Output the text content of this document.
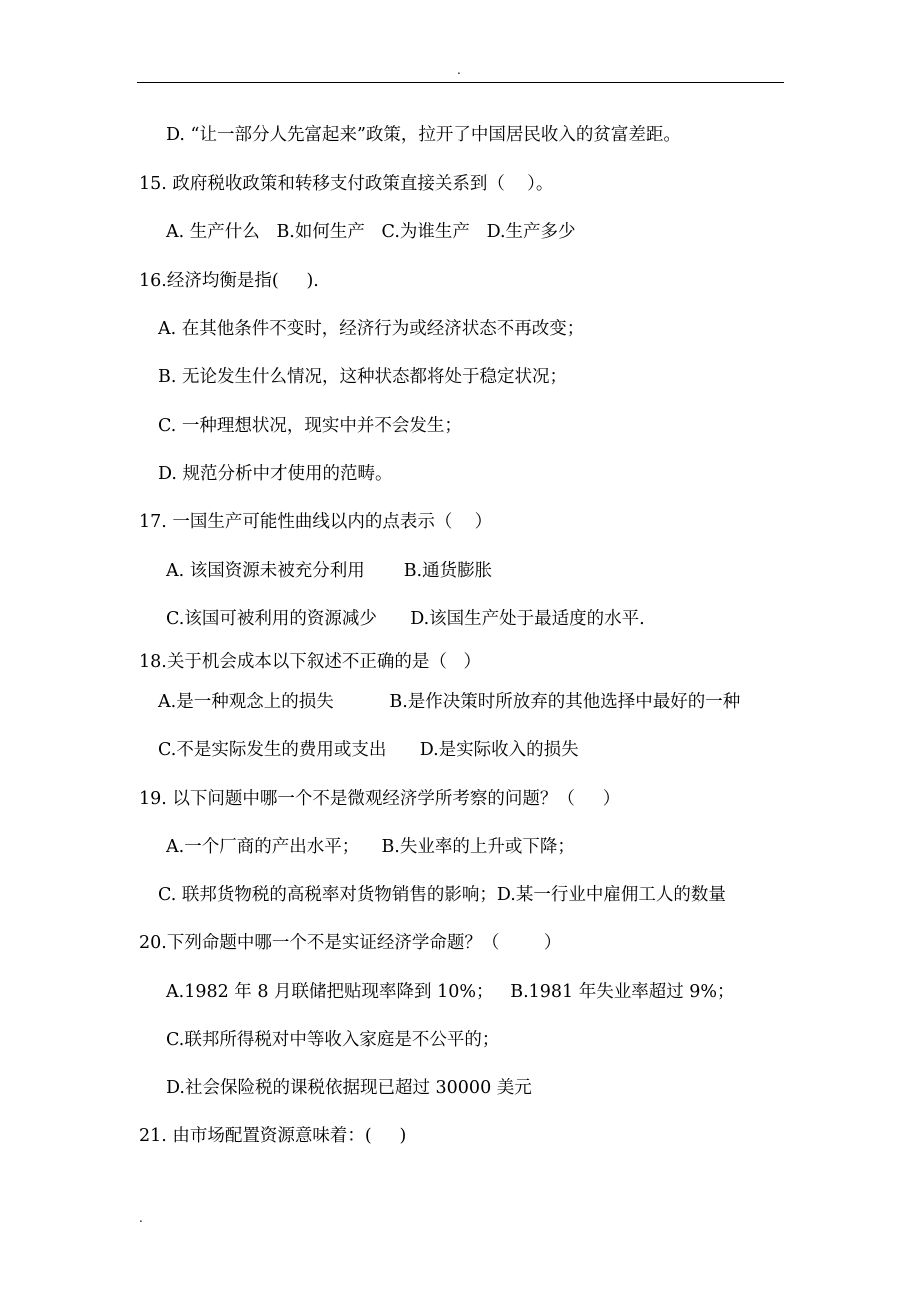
.
D. “让一部分人先富起来”政策，拉开了中国居民收入的贫富差距。
15. 政府税收政策和转移支付政策直接关系到（    ）。
A. 生产什么   B.如何生产   C.为谁生产   D.生产多少
16.经济均衡是指(     ).
A. 在其他条件不变时，经济行为或经济状态不再改变；
B. 无论发生什么情况，这种状态都将处于稳定状况；
C. 一种理想状况，现实中并不会发生；
D. 规范分析中才使用的范畴。
17. 一国生产可能性曲线以内的点表示（    ）
A. 该国资源未被充分利用       B.通货膨胀
C.该国可被利用的资源减少      D.该国生产处于最适度的水平.
18.关于机会成本以下叙述不正确的是（   ）
A.是一种观念上的损失          B.是作决策时所放弃的其他选择中最好的一种
C.不是实际发生的费用或支出      D.是实际收入的损失
19. 以下问题中哪一个不是微观经济学所考察的问题？（     ）
A.一个厂商的产出水平；    B.失业率的上升或下降；
C. 联邦货物税的高税率对货物销售的影响；D.某一行业中雇佣工人的数量
20.下列命题中哪一个不是实证经济学命题？（        ）
A.1982 年 8 月联储把贴现率降到 10%；   B.1981 年失业率超过 9%；
C.联邦所得税对中等收入家庭是不公平的；
D.社会保险税的课税依据现已超过 30000 美元
21. 由市场配置资源意味着：(     )
.
